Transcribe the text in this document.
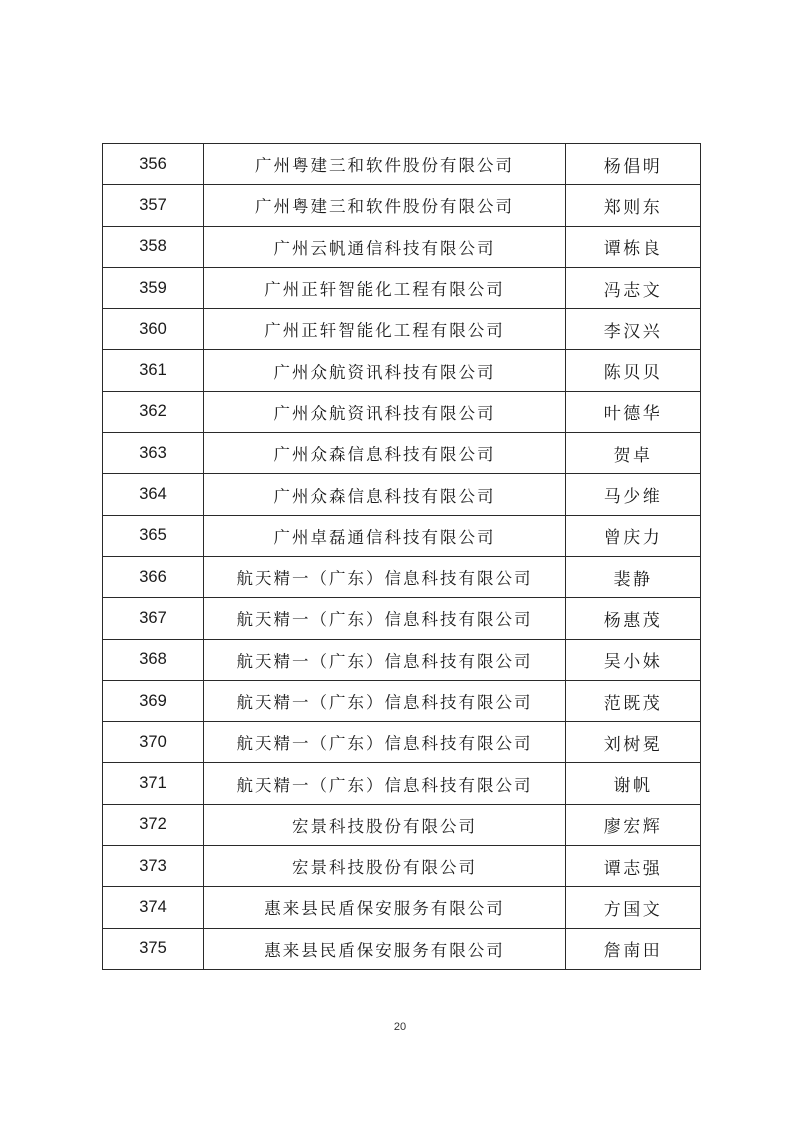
356	广州粤建三和软件股份有限公司	杨倡明
357	广州粤建三和软件股份有限公司	郑则东
358	广州云帆通信科技有限公司	谭栋良
359	广州正轩智能化工程有限公司	冯志文
360	广州正轩智能化工程有限公司	李汉兴
361	广州众航资讯科技有限公司	陈贝贝
362	广州众航资讯科技有限公司	叶德华
363	广州众森信息科技有限公司	贺卓
364	广州众森信息科技有限公司	马少维
365	广州卓磊通信科技有限公司	曾庆力
366	航天精一（广东）信息科技有限公司	裴静
367	航天精一（广东）信息科技有限公司	杨惠茂
368	航天精一（广东）信息科技有限公司	吴小妹
369	航天精一（广东）信息科技有限公司	范既茂
370	航天精一（广东）信息科技有限公司	刘树冕
371	航天精一（广东）信息科技有限公司	谢帆
372	宏景科技股份有限公司	廖宏辉
373	宏景科技股份有限公司	谭志强
374	惠来县民盾保安服务有限公司	方国文
375	惠来县民盾保安服务有限公司	詹南田
20
